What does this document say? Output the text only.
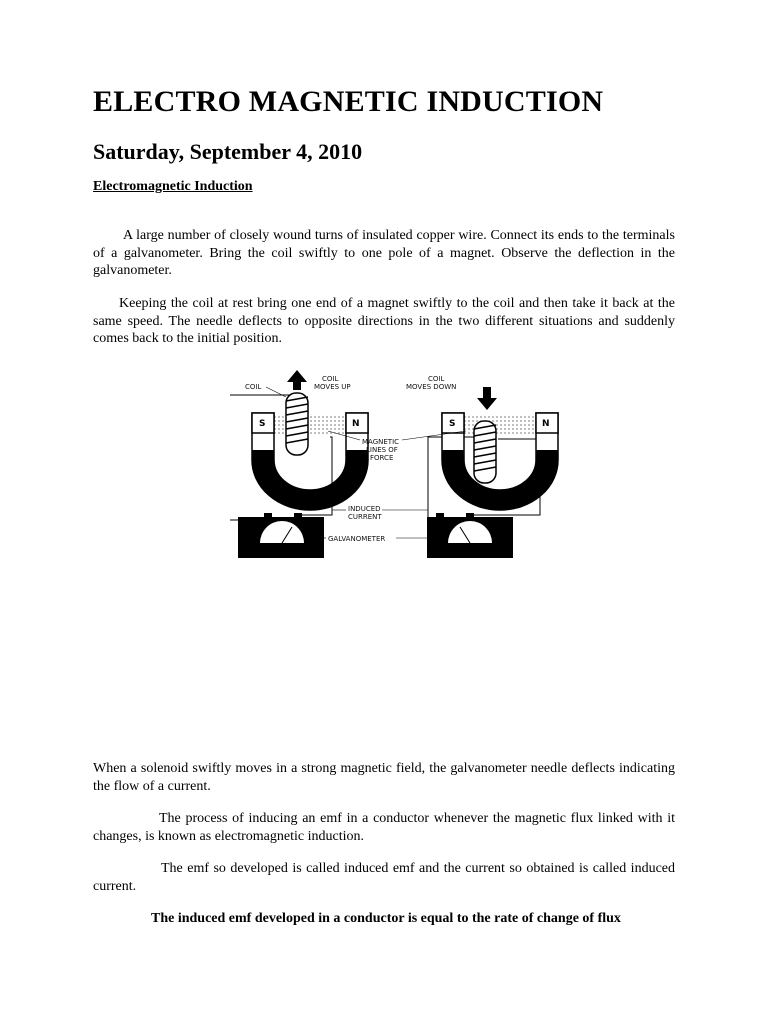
ELECTRO MAGNETIC INDUCTION
Saturday, September 4, 2010
Electromagnetic Induction

A large number of closely wound turns of insulated copper wire. Connect its ends to the terminals of a galvanometer. Bring the coil swiftly to one pole of a magnet. Observe the deflection in the galvanometer.

Keeping the coil at rest bring one end of a magnet swiftly to the coil and then take it back at the same speed. The needle deflects to opposite directions in the two different situations and suddenly comes back to the initial position.

S	N
COIL
COIL
MOVES UP
S	N
COIL
MOVES DOWN
MAGNETIC
LINES OF
FORCE
INDUCED
CURRENT
GALVANOMETER

When a solenoid swiftly moves in a strong magnetic field, the galvanometer needle deflects indicating the flow of a current.

The process of inducing an emf in a conductor whenever the magnetic flux linked with it changes, is known as electromagnetic induction.

The emf so developed is called induced emf and the current so obtained is called induced current.

The induced emf developed in a conductor is equal to the rate of change of flux
